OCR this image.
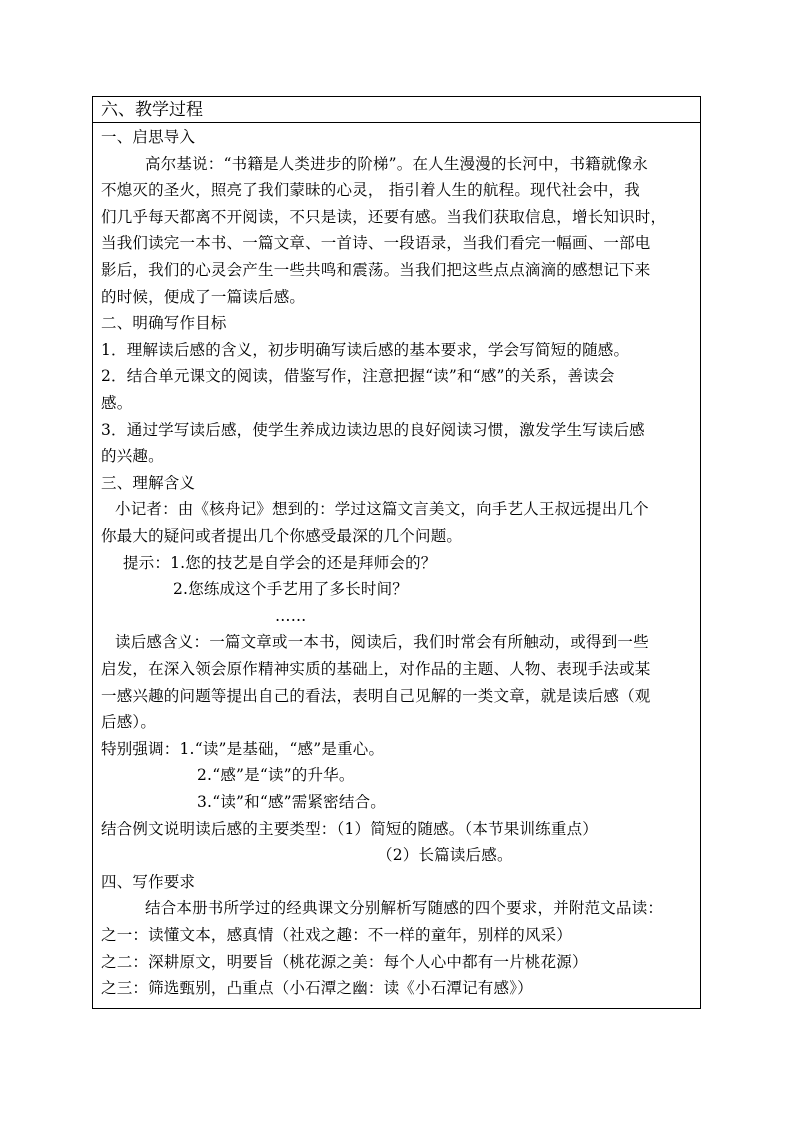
六、教学过程
一、启思导入
高尔基说：“书籍是人类进步的阶梯”。在人生漫漫的长河中，书籍就像永
不熄灭的圣火，照亮了我们蒙昧的心灵， 指引着人生的航程。现代社会中，我
们几乎每天都离不开阅读，不只是读，还要有感。当我们获取信息，增长知识时，
当我们读完一本书、一篇文章、一首诗、一段语录，当我们看完一幅画、一部电
影后，我们的心灵会产生一些共鸣和震荡。当我们把这些点点滴滴的感想记下来
的时候，便成了一篇读后感。
二、明确写作目标
1．理解读后感的含义，初步明确写读后感的基本要求，学会写简短的随感。
2．结合单元课文的阅读，借鉴写作，注意把握“读”和“感”的关系，善读会
感。
3．通过学写读后感，使学生养成边读边思的良好阅读习惯，激发学生写读后感
的兴趣。
三、理解含义
小记者：由《核舟记》想到的：学过这篇文言美文，向手艺人王叔远提出几个
你最大的疑问或者提出几个你感受最深的几个问题。
提示：1.您的技艺是自学会的还是拜师会的？
2.您练成这个手艺用了多长时间？
……
读后感含义：一篇文章或一本书，阅读后，我们时常会有所触动，或得到一些
启发，在深入领会原作精神实质的基础上，对作品的主题、人物、表现手法或某
一感兴趣的问题等提出自己的看法，表明自己见解的一类文章，就是读后感（观
后感）。
特别强调：1.“读”是基础，“感”是重心。
2.“感”是“读”的升华。
3.“读”和“感”需紧密结合。
结合例文说明读后感的主要类型：（1）简短的随感。（本节果训练重点）
（2）长篇读后感。
四、写作要求
结合本册书所学过的经典课文分别解析写随感的四个要求，并附范文品读：
之一：读懂文本，感真情（社戏之趣：不一样的童年，别样的风采）
之二：深耕原文，明要旨（桃花源之美：每个人心中都有一片桃花源）
之三：筛选甄别，凸重点（小石潭之幽：读《小石潭记有感》）
